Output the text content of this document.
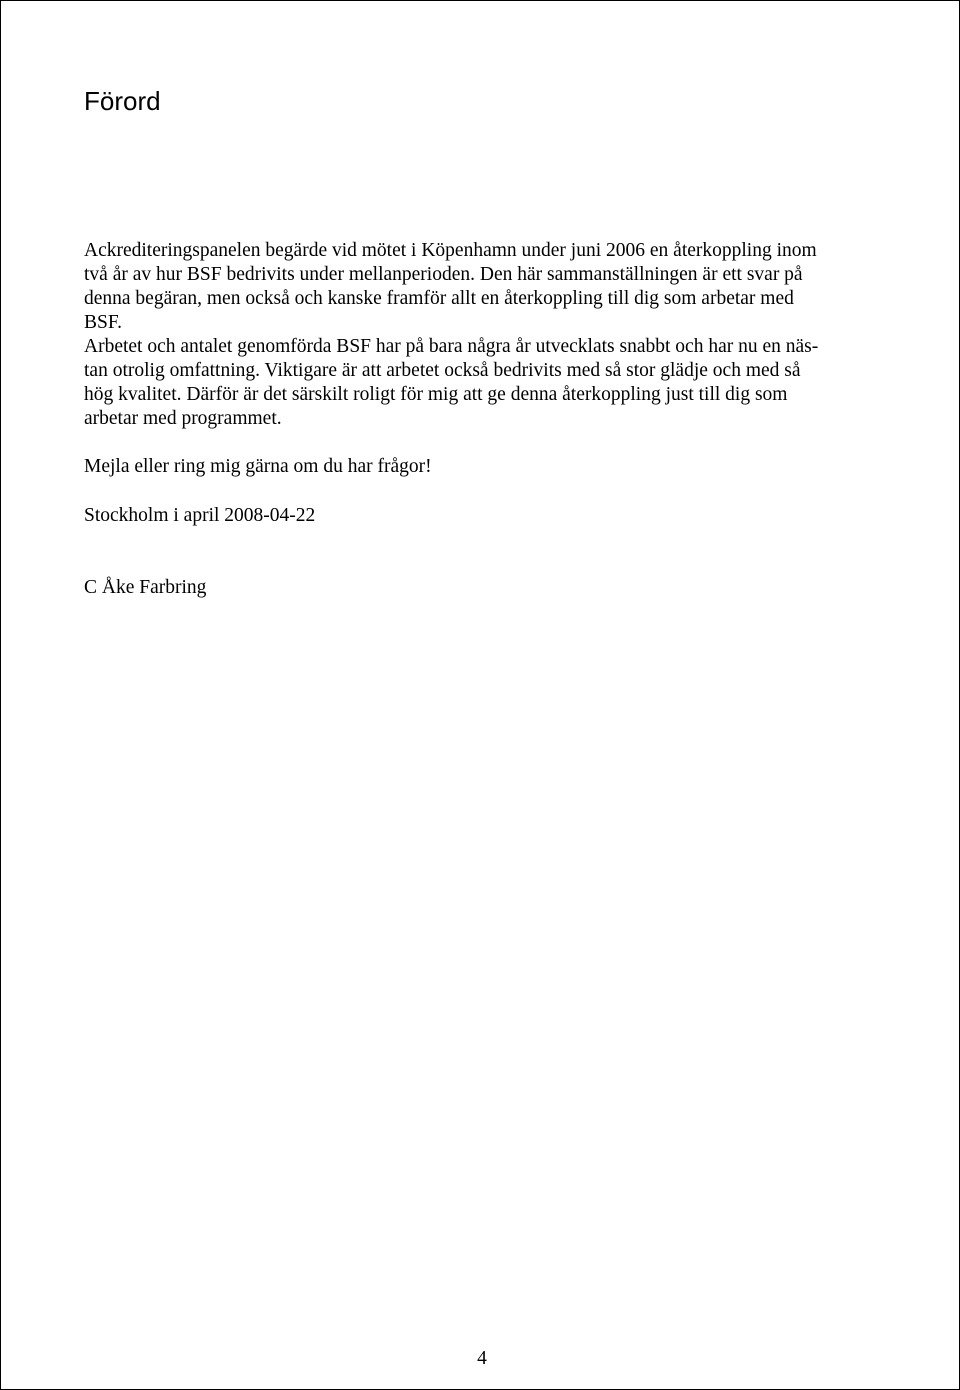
Förord
Ackrediteringspanelen begärde vid mötet i Köpenhamn under juni 2006 en återkoppling inom
två år av hur BSF bedrivits under mellanperioden. Den här sammanställningen är ett svar på
denna begäran, men också och kanske framför allt en återkoppling till dig som arbetar med
BSF.
Arbetet och antalet genomförda BSF har på bara några år utvecklats snabbt och har nu en näs-
tan otrolig omfattning. Viktigare är att arbetet också bedrivits med så stor glädje och med så
hög kvalitet. Därför är det särskilt roligt för mig att ge denna återkoppling just till dig som
arbetar med programmet.

Mejla eller ring mig gärna om du har frågor!

Stockholm i april 2008-04-22

C Åke Farbring

4
